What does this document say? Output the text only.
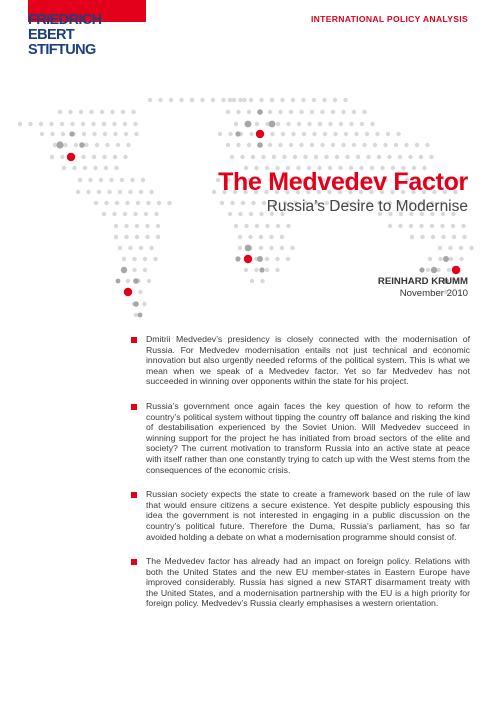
FRIEDRICH
EBERT
STIFTUNG
INTERNATIONAL POLICY ANALYSIS
The Medvedev Factor
Russia’s Desire to Modernise
REINHARD KRUMM
November 2010
Dmitrii Medvedev’s presidency is closely connected with the modernisation of Russia. For Medvedev modernisation entails not just technical and economic innovation but also urgently needed reforms of the political system. This is what we mean when we speak of a Medvedev factor. Yet so far Medvedev has not succeeded in winning over opponents within the state for his project.
Russia’s government once again faces the key question of how to reform the country’s political system without tipping the country off balance and risking the kind of destabilisation experienced by the Soviet Union. Will Medvedev succeed in winning support for the project he has initiated from broad sectors of the elite and society? The current motivation to transform Russia into an active state at peace with itself rather than one constantly trying to catch up with the West stems from the consequences of the economic crisis.
Russian society expects the state to create a framework based on the rule of law that would ensure citizens a secure existence. Yet despite publicly espousing this idea the government is not interested in engaging in a public discussion on the country’s political future. Therefore the Duma, Russia’s parliament, has so far avoided holding a debate on what a modernisation programme should consist of.
The Medvedev factor has already had an impact on foreign policy. Relations with both the United States and the new EU member-states in Eastern Europe have improved considerably. Russia has signed a new START disarmament treaty with the United States, and a modernisation partnership with the EU is a high priority for foreign policy. Medvedev’s Russia clearly emphasises a western orientation.
